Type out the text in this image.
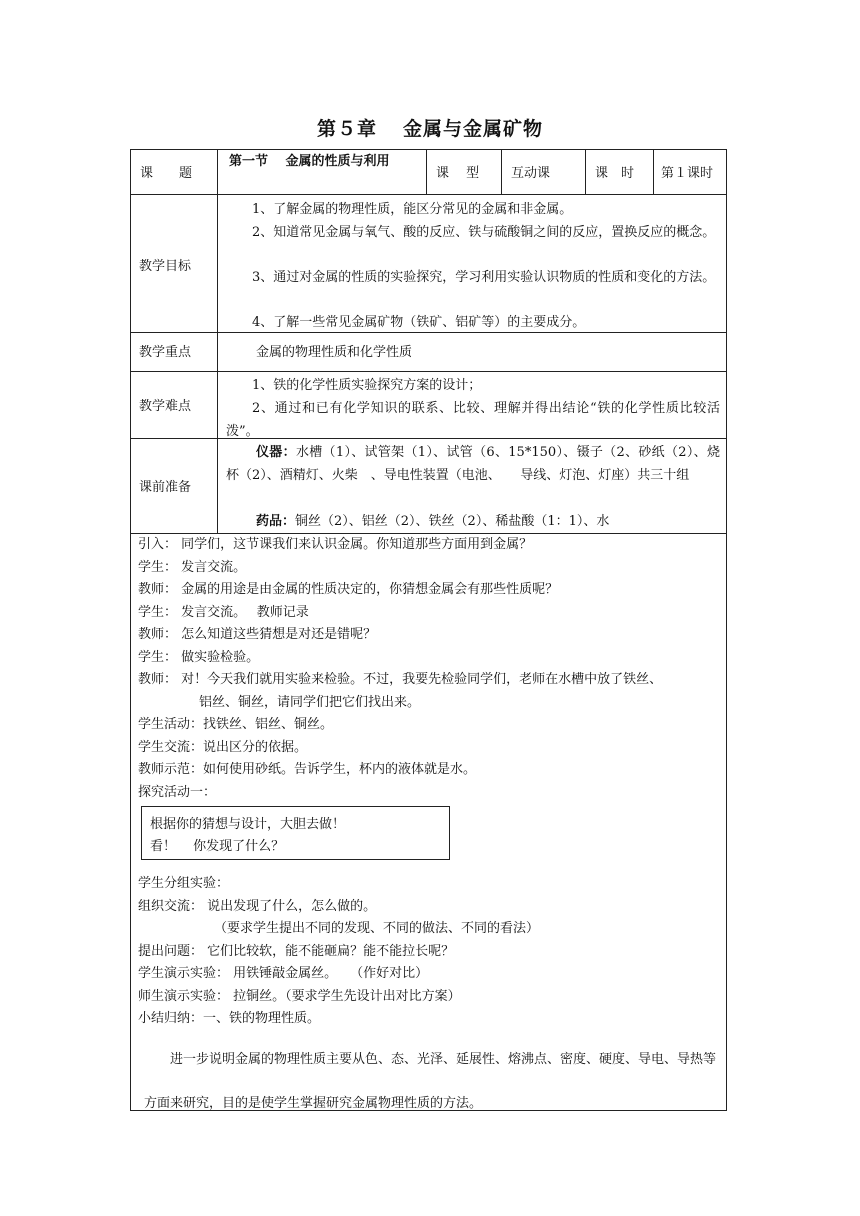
第５章 金属与金属矿物
课　　题
第一节　 金属的性质与利用
课　 型 互动课	课　时 第１课时
教学目标
1、了解金属的物理性质，能区分常见的金属和非金属。
2、知道常见金属与氧气、酸的反应、铁与硫酸铜之间的反应，置换反应的概念。
3、通过对金属的性质的实验探究，学习利用实验认识物质的性质和变化的方法。
4、了解一些常见金属矿物（铁矿、铝矿等）的主要成分。
教学重点	金属的物理性质和化学性质
教学难点
1、铁的化学性质实验探究方案的设计；
2、通过和已有化学知识的联系、比较、理解并得出结论“铁的化学性质比较活泼”。
课前准备
仪器：水槽（1）、试管架（1）、试管（6、15*150）、镊子（2、砂纸（2）、烧杯（2）、酒精灯、火柴　、导电性装置（电池、　　导线、灯泡、灯座）共三十组
药品：铜丝（2）、铝丝（2）、铁丝（2）、稀盐酸（1：1）、水
引入： 同学们，这节课我们来认识金属。你知道那些方面用到金属？
学生： 发言交流。
教师： 金属的用途是由金属的性质决定的，你猜想金属会有那些性质呢？
学生： 发言交流。　 教师记录
教师： 怎么知道这些猜想是对还是错呢？
学生： 做实验检验。
教师： 对！今天我们就用实验来检验。不过，我要先检验同学们，老师在水槽中放了铁丝、
铝丝、铜丝，请同学们把它们找出来。
学生活动：找铁丝、铝丝、铜丝。
学生交流：说出区分的依据。
教师示范：如何使用砂纸。告诉学生，杯内的液体就是水。
探究活动一：
根据你的猜想与设计，大胆去做！
看！　 你发现了什么？
学生分组实验：
组织交流： 说出发现了什么，怎么做的。
（要求学生提出不同的发现、不同的做法、不同的看法）
提出问题： 它们比较软，能不能砸扁？能不能拉长呢？
学生演示实验： 用铁锤敲金属丝。　　（作好对比）
师生演示实验： 拉铜丝。（要求学生先设计出对比方案）
小结归纳：一、铁的物理性质。
进一步说明金属的物理性质主要从色、态、光泽、延展性、熔沸点、密度、硬度、导电、导热等方面来研究，目的是使学生掌握研究金属物理性质的方法。
